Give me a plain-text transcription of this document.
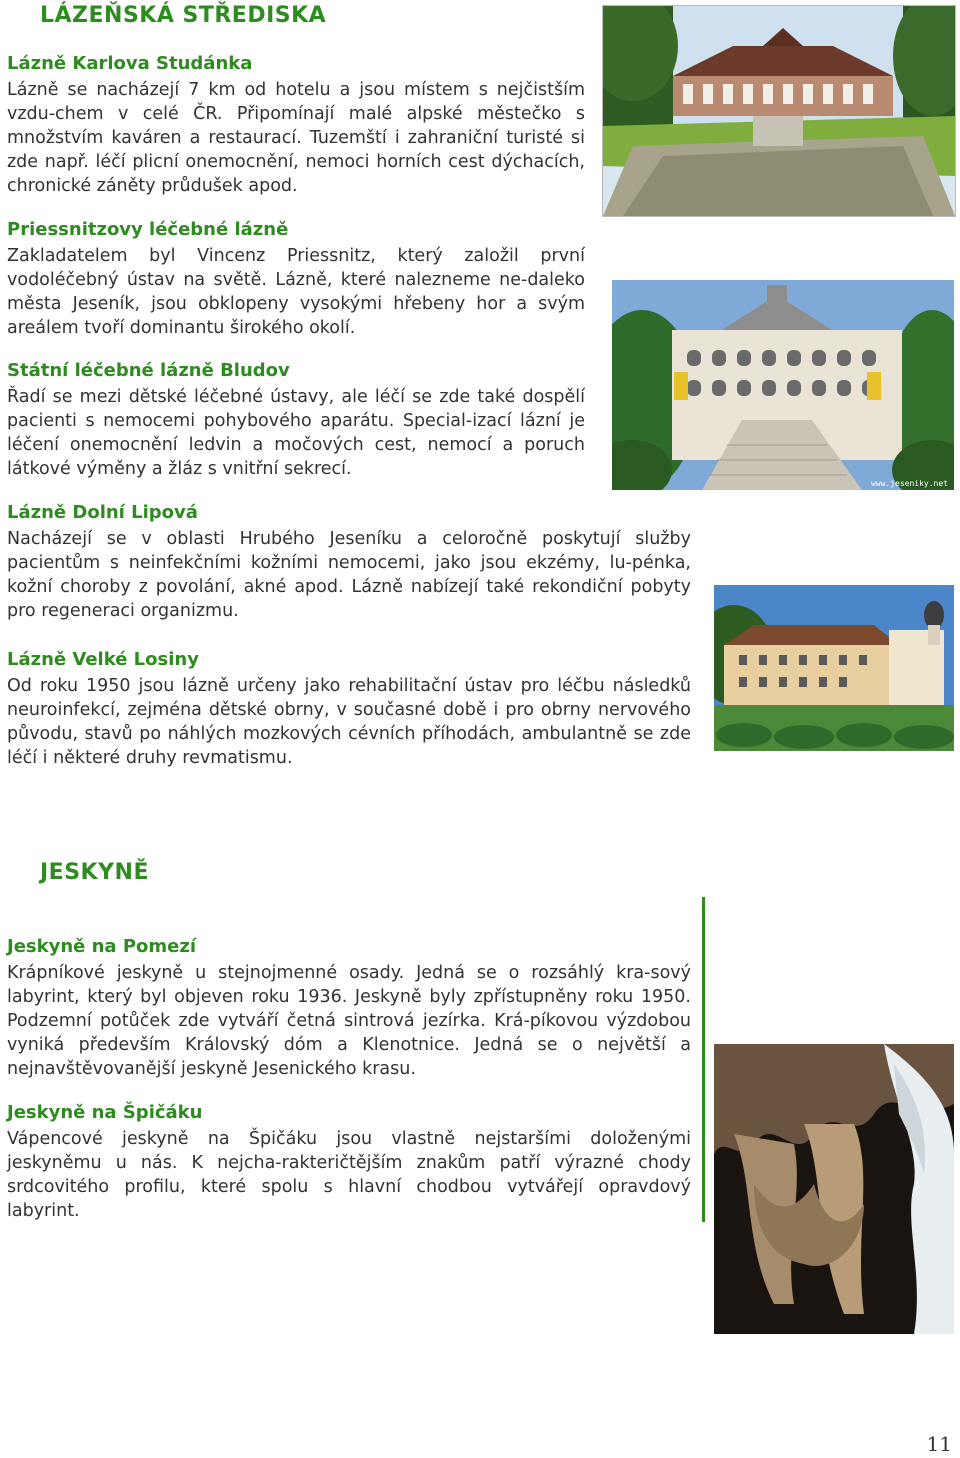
LÁZEŇSKÁ STŘEDISKA
JESKYNĚ
Lázně Karlova Studánka

Lázně se nacházejí 7 km od hotelu a jsou místem s nejčistším vzdu-chem v celé ČR. Připomínají malé alpské městečko s množstvím kaváren a restaurací. Tuzemští i zahraniční turisté si zde např. léčí plicní onemocnění, nemoci horních cest dýchacích, chronické záněty průdušek apod.

Priessnitzovy léčebné lázně

Zakladatelem byl Vincenz Priessnitz, který založil první vodoléčebný ústav na světě. Lázně, které nalezneme ne-daleko města Jeseník, jsou obklopeny vysokými hřebeny hor a svým areálem tvoří dominantu širokého okolí.

Státní léčebné lázně Bludov

Řadí se mezi dětské léčebné ústavy, ale léčí se zde také dospělí pacienti s nemocemi pohybového aparátu. Special-izací lázní je léčení onemocnění ledvin a močových cest, nemocí a poruch látkové výměny a žláz s vnitřní sekrecí.

Lázně Dolní Lipová

Nacházejí se v oblasti Hrubého Jeseníku a celoročně poskytují služby pacientům s neinfekčními kožními nemocemi, jako jsou ekzémy, lu-pénka, kožní choroby z povolání, akné apod. Lázně nabízejí také rekondiční pobyty pro regeneraci organizmu.

Lázně Velké Losiny

Od roku 1950 jsou lázně určeny jako rehabilitační ústav pro léčbu následků neuroinfekcí, zejména dětské obrny, v současné době i pro obrny nervového původu, stavů po náhlých mozkových cévních příhodách, ambulantně se zde léčí i některé druhy revmatismu.

Jeskyně na Pomezí

Krápníkové jeskyně u stejnojmenné osady. Jedná se o rozsáhlý kra-sový labyrint, který byl objeven roku 1936. Jeskyně byly zpřístupněny roku 1950. Podzemní potůček zde vytváří četná sintrová jezírka. Krá-píkovou výzdobou vyniká především Královský dóm a Klenotnice. Jedná se o největší a nejnavštěvovanější jeskyně Jesenického krasu.

Jeskyně na Špičáku

Vápencové jeskyně na Špičáku jsou vlastně nejstaršími doloženými jeskyněmu u nás. K nejcha-rakteričtějším znakům patří výrazné chody srdcovitého profilu, které spolu s hlavní chodbou vytvářejí opravdový labyrint.

www.jeseniky.net
11
